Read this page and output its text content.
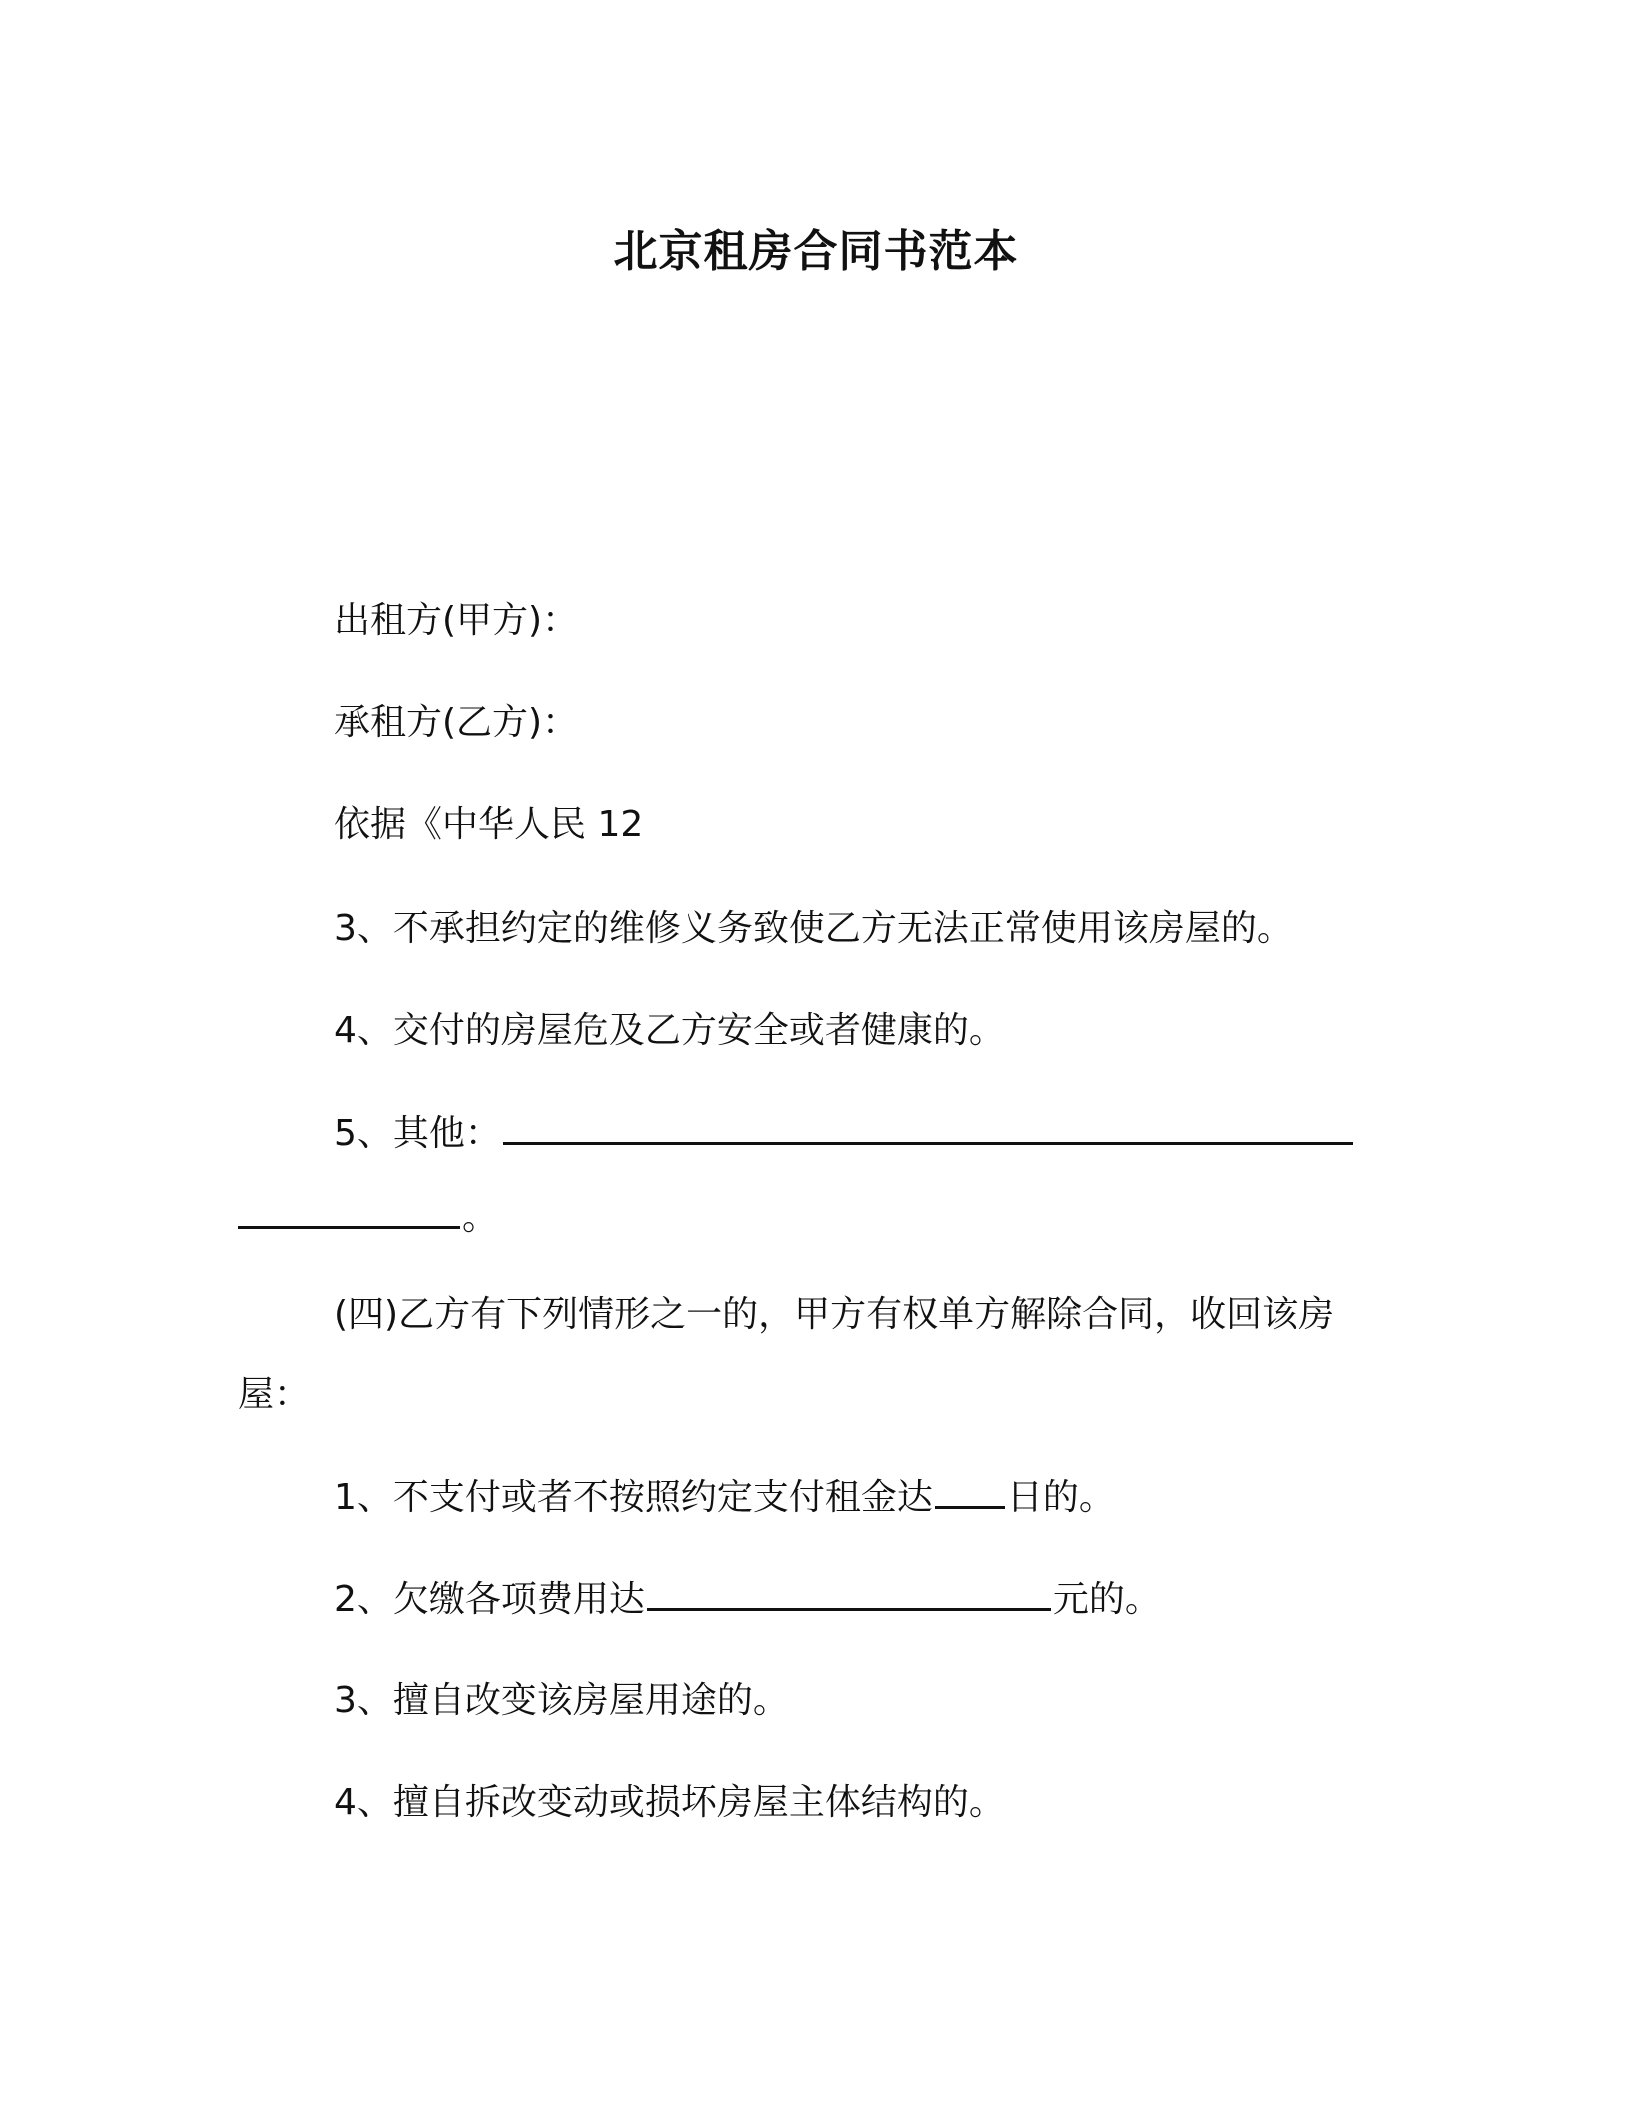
北京租房合同书范本
出租方(甲方)：
承租方(乙方)：
依据《中华人民 12
3、不承担约定的维修义务致使乙方无法正常使用该房屋的。
4、交付的房屋危及乙方安全或者健康的。
5、其他：
。
(四)乙方有下列情形之一的，甲方有权单方解除合同，收回该房
屋：
1、不支付或者不按照约定支付租金达 日的。
2、欠缴各项费用达	元的。
3、擅自改变该房屋用途的。
4、擅自拆改变动或损坏房屋主体结构的。
